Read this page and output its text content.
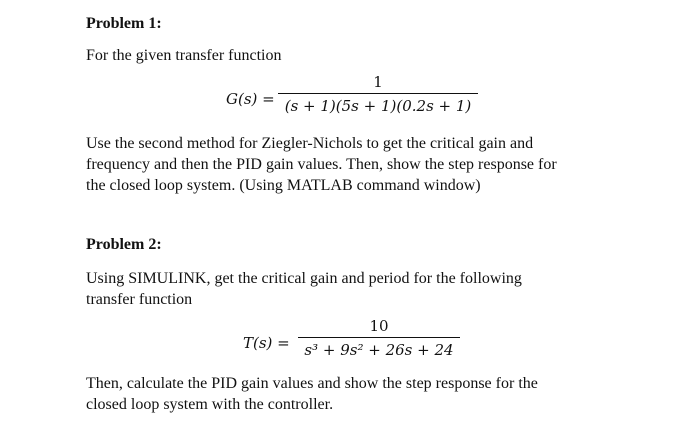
Problem 1:
For the given transfer function
G(s) =
1
(s + 1)(5s + 1)(0.2s + 1)
Use the second method for Ziegler-Nichols to get the critical gain and
frequency and then the PID gain values. Then, show the step response for
the closed loop system. (Using MATLAB command window)
Problem 2:
Using SIMULINK, get the critical gain and period for the following
transfer function
T(s) =
10
s³ + 9s² + 26s + 24
Then, calculate the PID gain values and show the step response for the
closed loop system with the controller.
